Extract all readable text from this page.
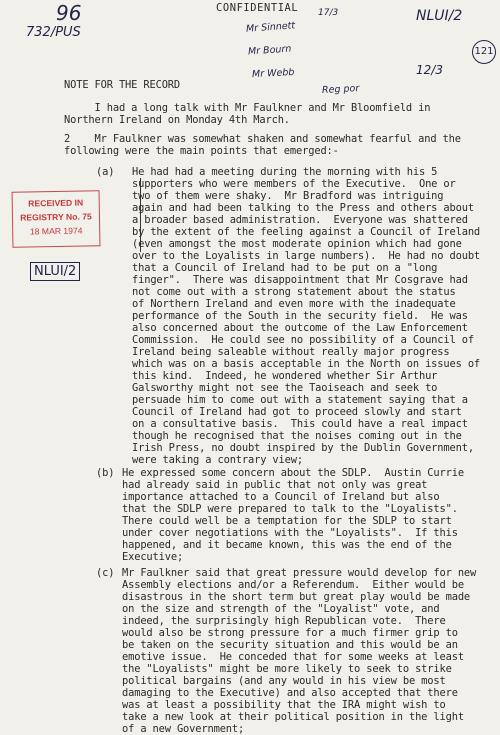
CONFIDENTIAL
96
732/PUS	Mr Sinnett
17/3
Mr Bourn
Mr Webb
Reg por
NLUI/2
121
12/3
RECEIVED IN
REGISTRY No. 75
18 MAR 1974
NLUI/2
NOTE FOR THE RECORD
I had a long talk with Mr Faulkner and Mr Bloomfield in
Northern Ireland on Monday 4th March.
2    Mr Faulkner was somewhat shaken and somewhat fearful and the
following were the main points that emerged:-
(a) He had had a meeting during the morning with his 5
supporters who were members of the Executive.  One or
two of them were shaky.  Mr Bradford was intriguing
again and had been talking to the Press and others about
a broader based administration.  Everyone was shattered
by the extent of the feeling against a Council of Ireland
(even amongst the most moderate opinion which had gone
over to the Loyalists in large numbers).  He had no doubt
that a Council of Ireland had to be put on a "long
finger".  There was disappointment that Mr Cosgrave had
not come out with a strong statement about the status
of Northern Ireland and even more with the inadequate
performance of the South in the security field.  He was
also concerned about the outcome of the Law Enforcement
Commission.  He could see no possibility of a Council of
Ireland being saleable without really major progress
which was on a basis acceptable in the North on issues of
this kind.  Indeed, he wondered whether Sir Arthur
Galsworthy might not see the Taoiseach and seek to
persuade him to come out with a statement saying that a
Council of Ireland had got to proceed slowly and start
on a consultative basis.  This could have a real impact
though he recognised that the noises coming out in the
Irish Press, no doubt inspired by the Dublin Government,
were taking a contrary view;
(b) He expressed some concern about the SDLP.  Austin Currie
had already said in public that not only was great
importance attached to a Council of Ireland but also
that the SDLP were prepared to talk to the "Loyalists".
There could well be a temptation for the SDLP to start
under cover negotiations with the "Loyalists".  If this
happened, and it became known, this was the end of the
Executive;
(c) Mr Faulkner said that great pressure would develop for new
Assembly elections and/or a Referendum.  Either would be
disastrous in the short term but great play would be made
on the size and strength of the "Loyalist" vote, and
indeed, the surprisingly high Republican vote.  There
would also be strong pressure for a much firmer grip to
be taken on the security situation and this would be an
emotive issue.  He conceded that for some weeks at least
the "Loyalists" might be more likely to seek to strike
political bargains (and any would in his view be most
damaging to the Executive) and also accepted that there
was at least a possibility that the IRA might wish to
take a new look at their political position in the light
of a new Government;
